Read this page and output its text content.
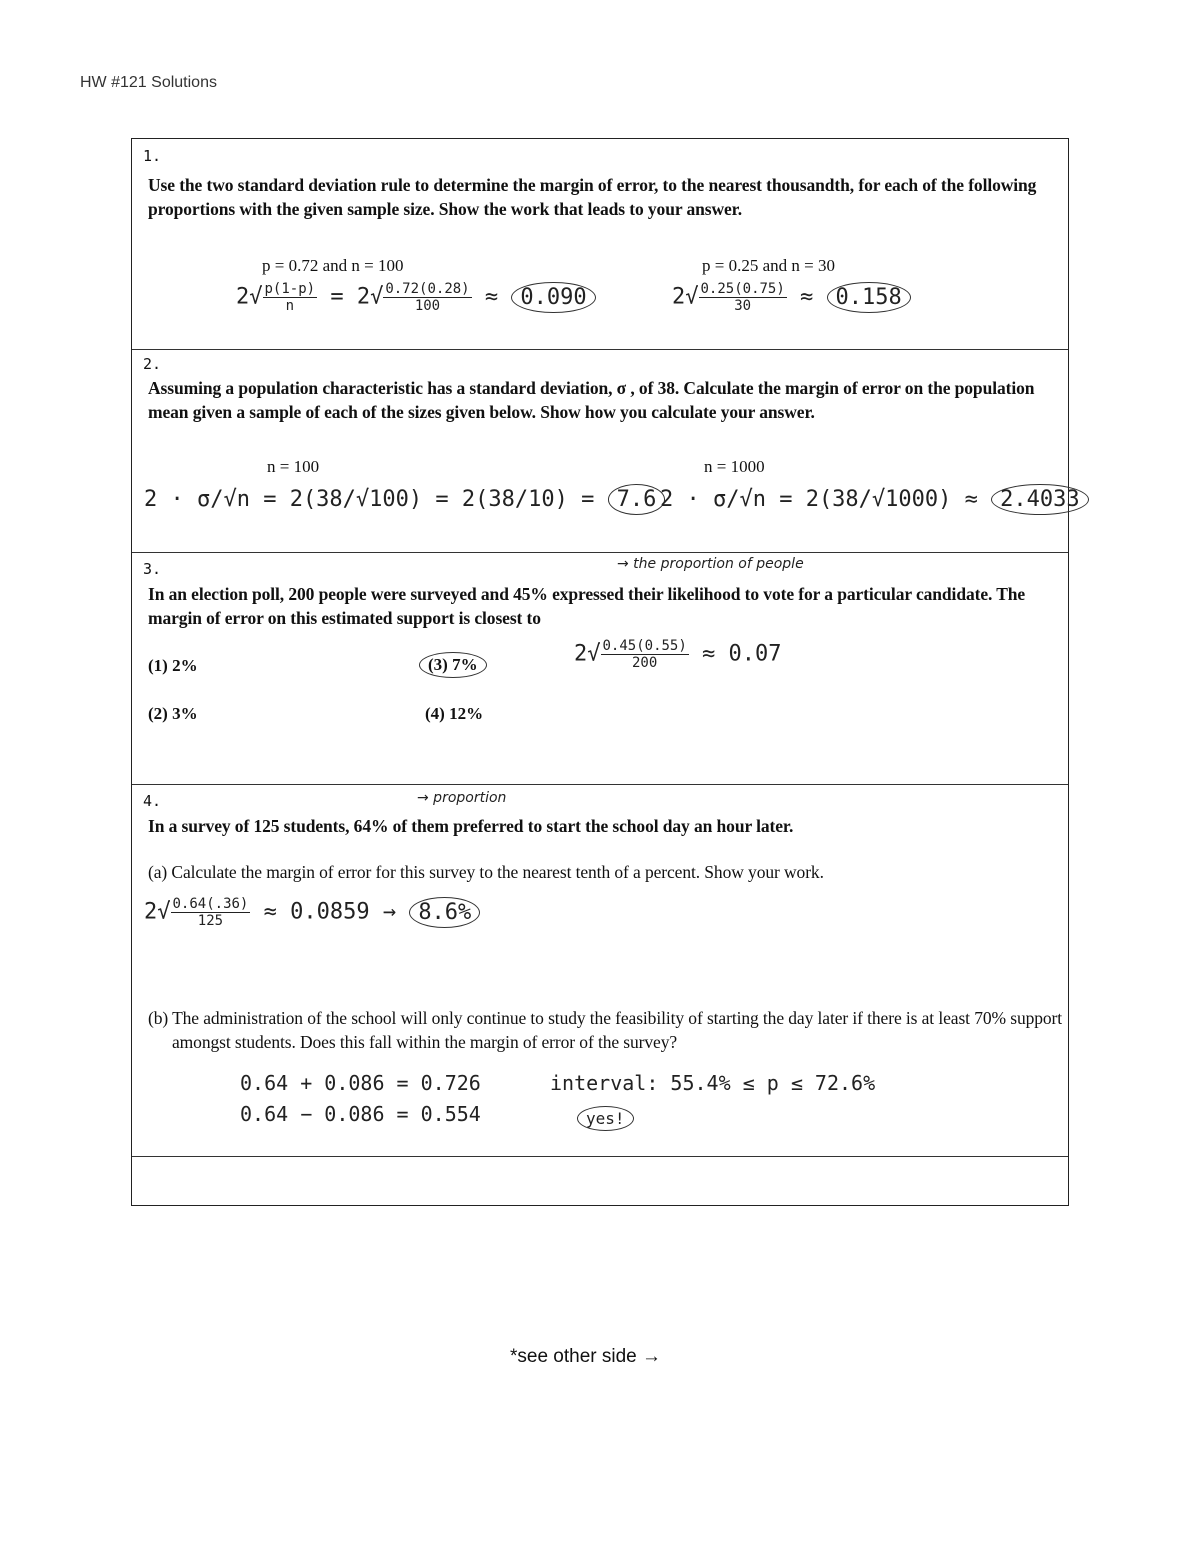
HW #121 Solutions
1.
Use the two standard deviation rule to determine the margin of error, to the nearest thousandth, for each of the following proportions with the given sample size. Show the work that leads to your answer.
p = 0.72 and n = 100	p = 0.25 and n = 30
$2√ \frac{p(1-p)}{n} = 2√ \frac{0.72(0.28)}{100} \approx 0.090$	$2√ \frac{0.25(0.75)}{30} \approx 0.158$
2.
Assuming a population characteristic has a standard deviation, σ , of 38. Calculate the margin of error on the population mean given a sample of each of the sizes given below. Show how you calculate your answer.
n = 100	n = 1000
2 · σ/√n = 2(38/√100) = 2(38/10) = 7.6 2 · σ/√n = 2(38/√1000) ≈ 2.4033
3.	→ the proportion of people
In an election poll, 200 people were surveyed and 45% expressed their likelihood to vote for a particular candidate. The margin of error on this estimated support is closest to
(1) 2%
(2) 3%
(3) 7%
(4) 12%
$2√ \frac{0.45(0.55)}{200} \approx 0.07$
4.	→ proportion
In a survey of 125 students, 64% of them preferred to start the school day an hour later.
(a) Calculate the margin of error for this survey to the nearest tenth of a percent. Show your work.
$2√ \frac{0.64(.36)}{125} \approx 0.0859 \to 8.6\%$
(b) The administration of the school will only continue to study the feasibility of starting the day later if there is at least 70% support amongst students. Does this fall within the margin of error of the survey?
0.64 + 0.086 = 0.726
0.64 − 0.086 = 0.554
interval: 55.4% ≤ p ≤ 72.6%
yes!
*see other side →
